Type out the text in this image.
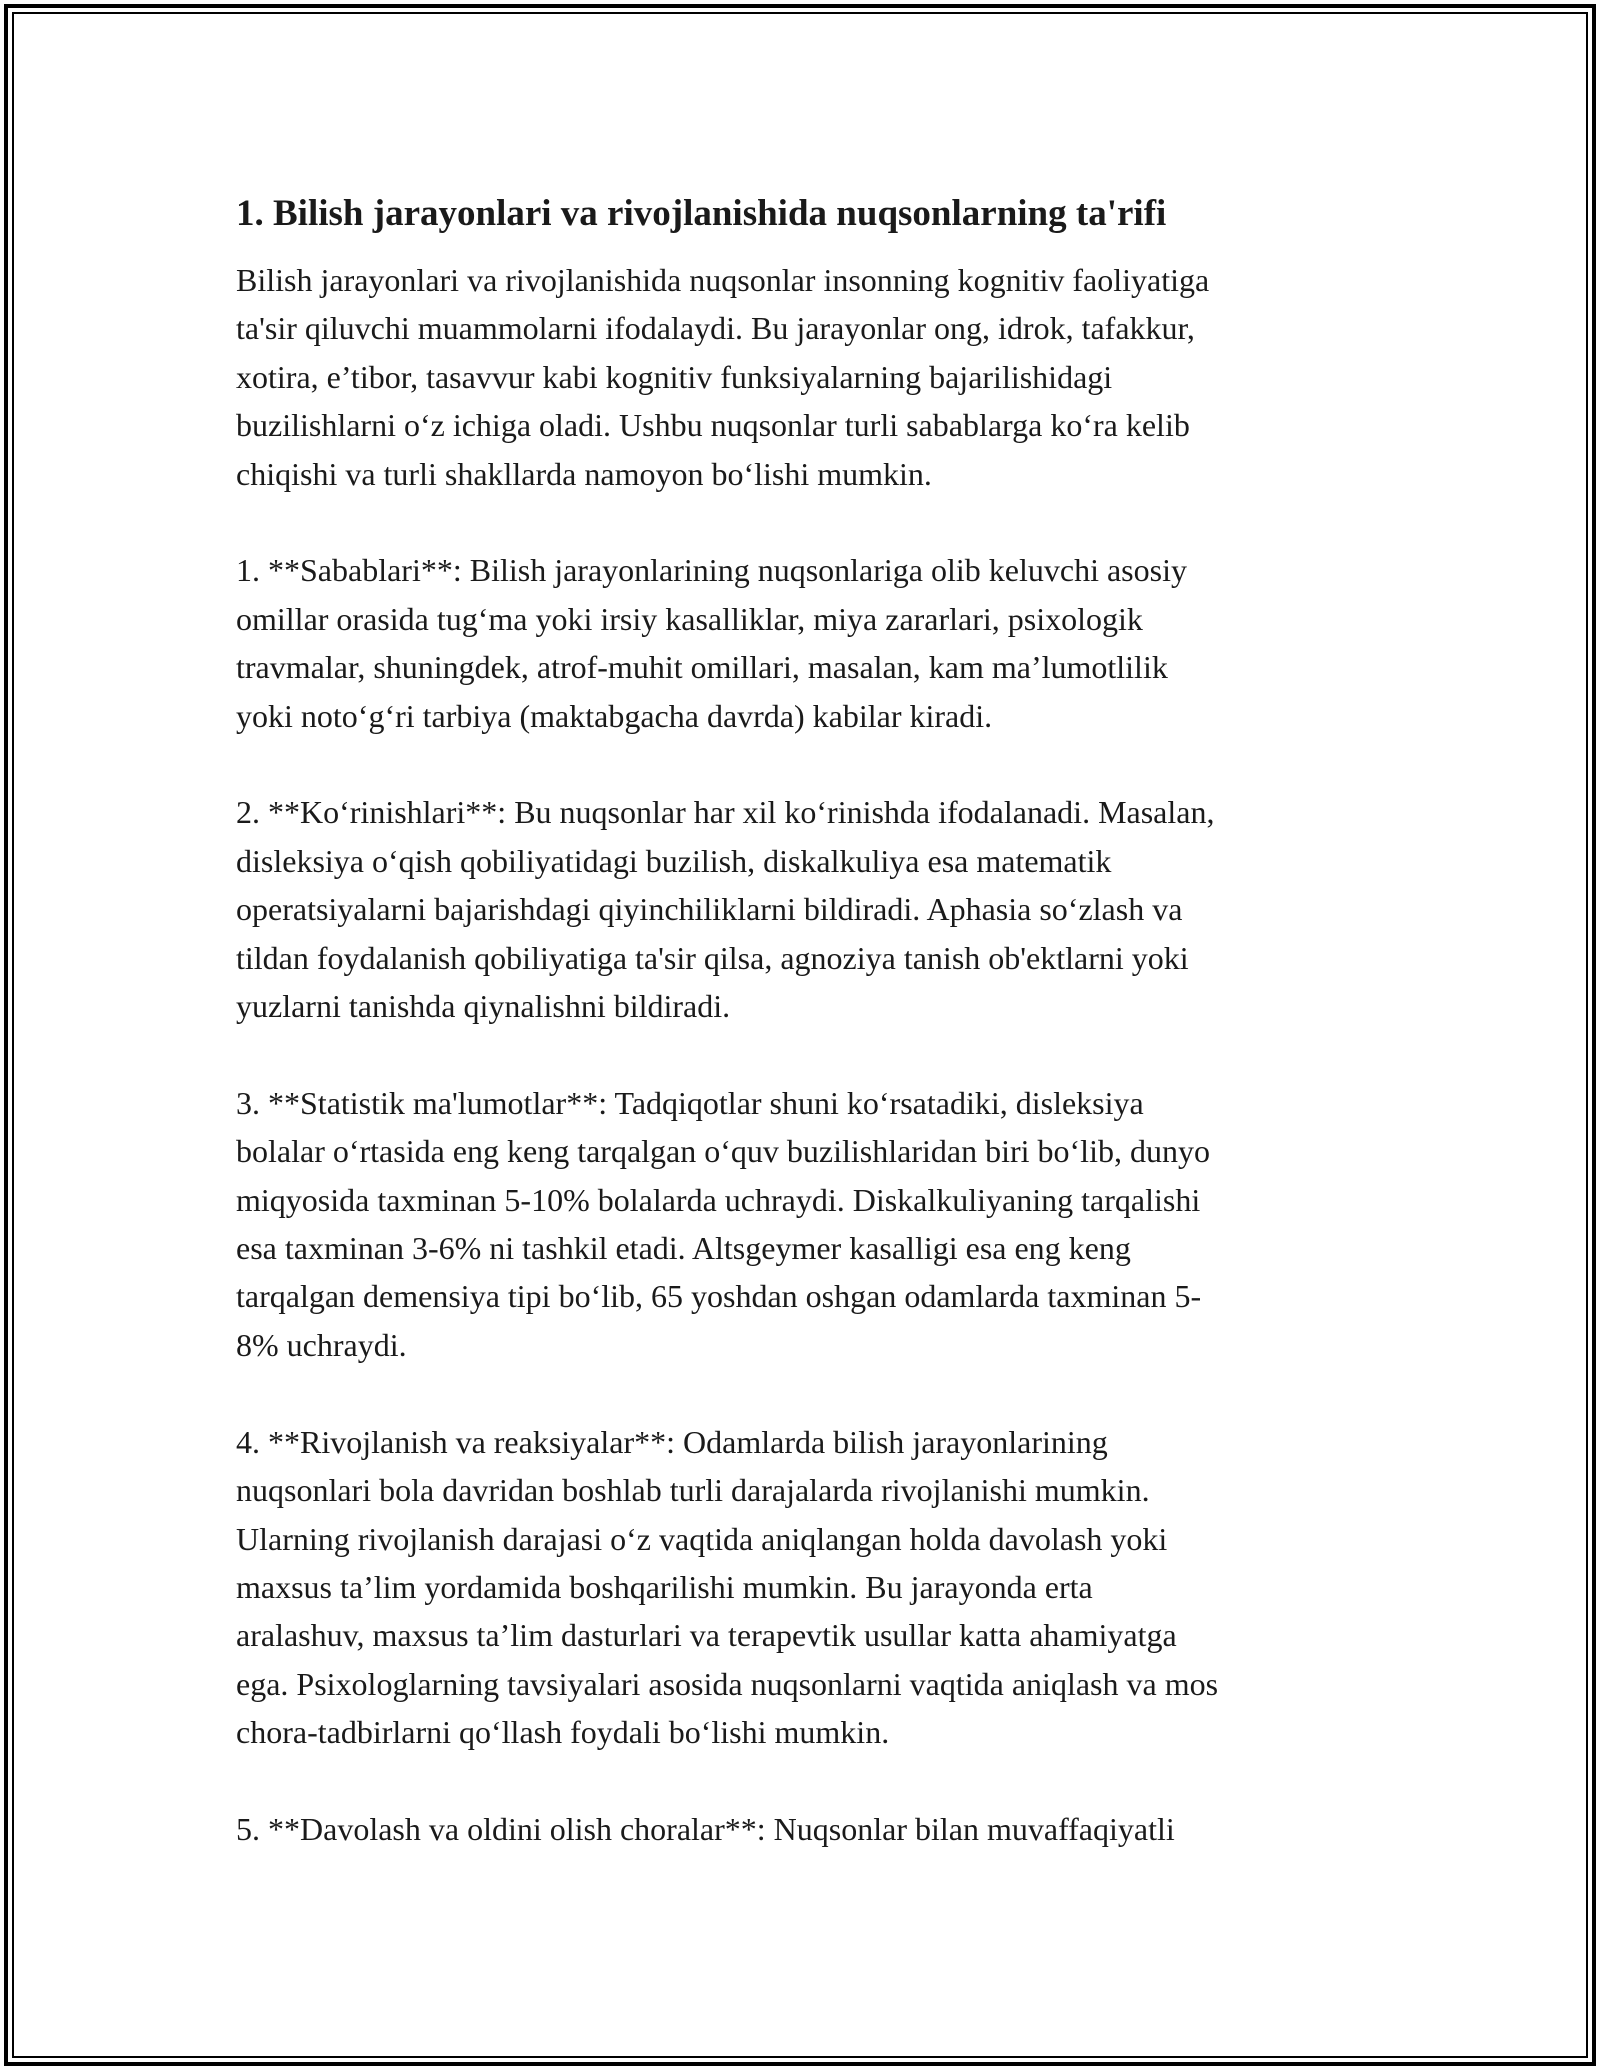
1. Bilish jarayonlari va rivojlanishida nuqsonlarning ta'rifi

Bilish jarayonlari va rivojlanishida nuqsonlar insonning kognitiv faoliyatiga
ta'sir qiluvchi muammolarni ifodalaydi. Bu jarayonlar ong, idrok, tafakkur,
xotira, e’tibor, tasavvur kabi kognitiv funksiyalarning bajarilishidagi
buzilishlarni o‘z ichiga oladi. Ushbu nuqsonlar turli sabablarga ko‘ra kelib
chiqishi va turli shakllarda namoyon bo‘lishi mumkin.

1. **Sabablari**: Bilish jarayonlarining nuqsonlariga olib keluvchi asosiy
omillar orasida tug‘ma yoki irsiy kasalliklar, miya zararlari, psixologik
travmalar, shuningdek, atrof-muhit omillari, masalan, kam ma’lumotlilik
yoki noto‘g‘ri tarbiya (maktabgacha davrda) kabilar kiradi.

2. **Ko‘rinishlari**: Bu nuqsonlar har xil ko‘rinishda ifodalanadi. Masalan,
disleksiya o‘qish qobiliyatidagi buzilish, diskalkuliya esa matematik
operatsiyalarni bajarishdagi qiyinchiliklarni bildiradi. Aphasia so‘zlash va
tildan foydalanish qobiliyatiga ta'sir qilsa, agnoziya tanish ob'ektlarni yoki
yuzlarni tanishda qiynalishni bildiradi.

3. **Statistik ma'lumotlar**: Tadqiqotlar shuni ko‘rsatadiki, disleksiya
bolalar o‘rtasida eng keng tarqalgan o‘quv buzilishlaridan biri bo‘lib, dunyo
miqyosida taxminan 5-10% bolalarda uchraydi. Diskalkuliyaning tarqalishi
esa taxminan 3-6% ni tashkil etadi. Altsgeymer kasalligi esa eng keng
tarqalgan demensiya tipi bo‘lib, 65 yoshdan oshgan odamlarda taxminan 5-
8% uchraydi.

4. **Rivojlanish va reaksiyalar**: Odamlarda bilish jarayonlarining
nuqsonlari bola davridan boshlab turli darajalarda rivojlanishi mumkin.
Ularning rivojlanish darajasi o‘z vaqtida aniqlangan holda davolash yoki
maxsus ta’lim yordamida boshqarilishi mumkin. Bu jarayonda erta
aralashuv, maxsus ta’lim dasturlari va terapevtik usullar katta ahamiyatga
ega. Psixologlarning tavsiyalari asosida nuqsonlarni vaqtida aniqlash va mos
chora-tadbirlarni qo‘llash foydali bo‘lishi mumkin.

5. **Davolash va oldini olish choralar**: Nuqsonlar bilan muvaffaqiyatli
